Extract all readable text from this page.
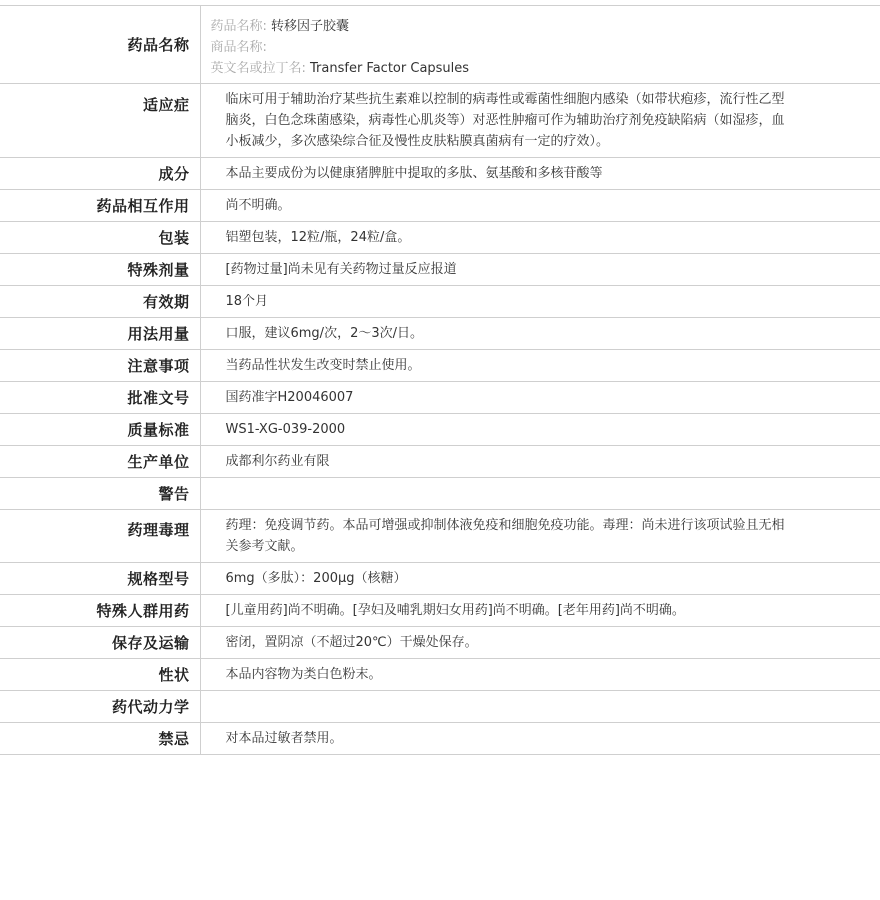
药品名称	药品名称: 转移因子胶囊
商品名称:
英文名或拉丁名: Transfer Factor Capsules

适应症	临床可用于辅助治疗某些抗生素难以控制的病毒性或霉菌性细胞内感染（如带状疱疹，流行性乙型脑炎，白色念珠菌感染，病毒性心肌炎等）对恶性肿瘤可作为辅助治疗剂免疫缺陷病（如湿疹，血小板减少，多次感染综合征及慢性皮肤粘膜真菌病有一定的疗效）。
成分	本品主要成份为以健康猪脾脏中提取的多肽、氨基酸和多核苷酸等
药品相互作用	尚不明确。
包装	铝塑包装，12粒/瓶，24粒/盒。
特殊剂量	[药物过量]尚未见有关药物过量反应报道
有效期	18个月
用法用量	口服，建议6mg/次，2～3次/日。
注意事项	当药品性状发生改变时禁止使用。
批准文号	国药准字H20046007
质量标准	WS1-XG-039-2000
生产单位	成都利尔药业有限
警告	
药理毒理	药理：免疫调节药。本品可增强或抑制体液免疫和细胞免疫功能。毒理：尚未进行该项试验且无相关参考文献。
规格型号	6mg（多肽）：200μg（核糖）
特殊人群用药	[儿童用药]尚不明确。[孕妇及哺乳期妇女用药]尚不明确。[老年用药]尚不明确。
保存及运输	密闭，置阴凉（不超过20℃）干燥处保存。
性状	本品内容物为类白色粉末。
药代动力学	
禁忌	对本品过敏者禁用。
